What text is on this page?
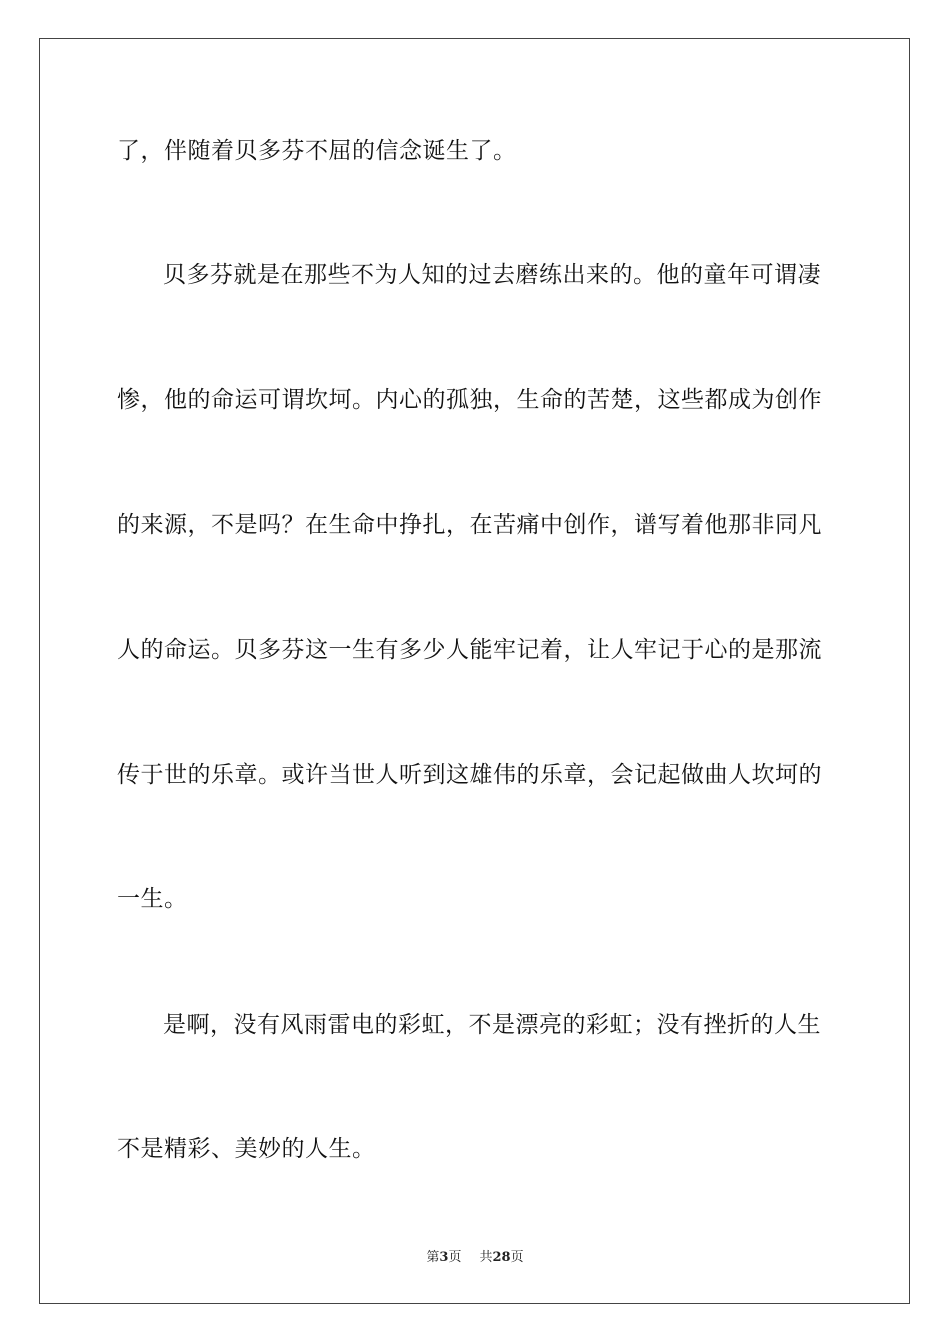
了，伴随着贝多芬不屈的信念诞生了。
贝多芬就是在那些不为人知的过去磨练出来的。他的童年可谓凄
惨，他的命运可谓坎坷。内心的孤独，生命的苦楚，这些都成为创作
的来源，不是吗？在生命中挣扎，在苦痛中创作，谱写着他那非同凡
人的命运。贝多芬这一生有多少人能牢记着，让人牢记于心的是那流
传于世的乐章。或许当世人听到这雄伟的乐章，会记起做曲人坎坷的
一生。
是啊，没有风雨雷电的彩虹，不是漂亮的彩虹；没有挫折的人生
不是精彩、美妙的人生。
第3页 共28页
